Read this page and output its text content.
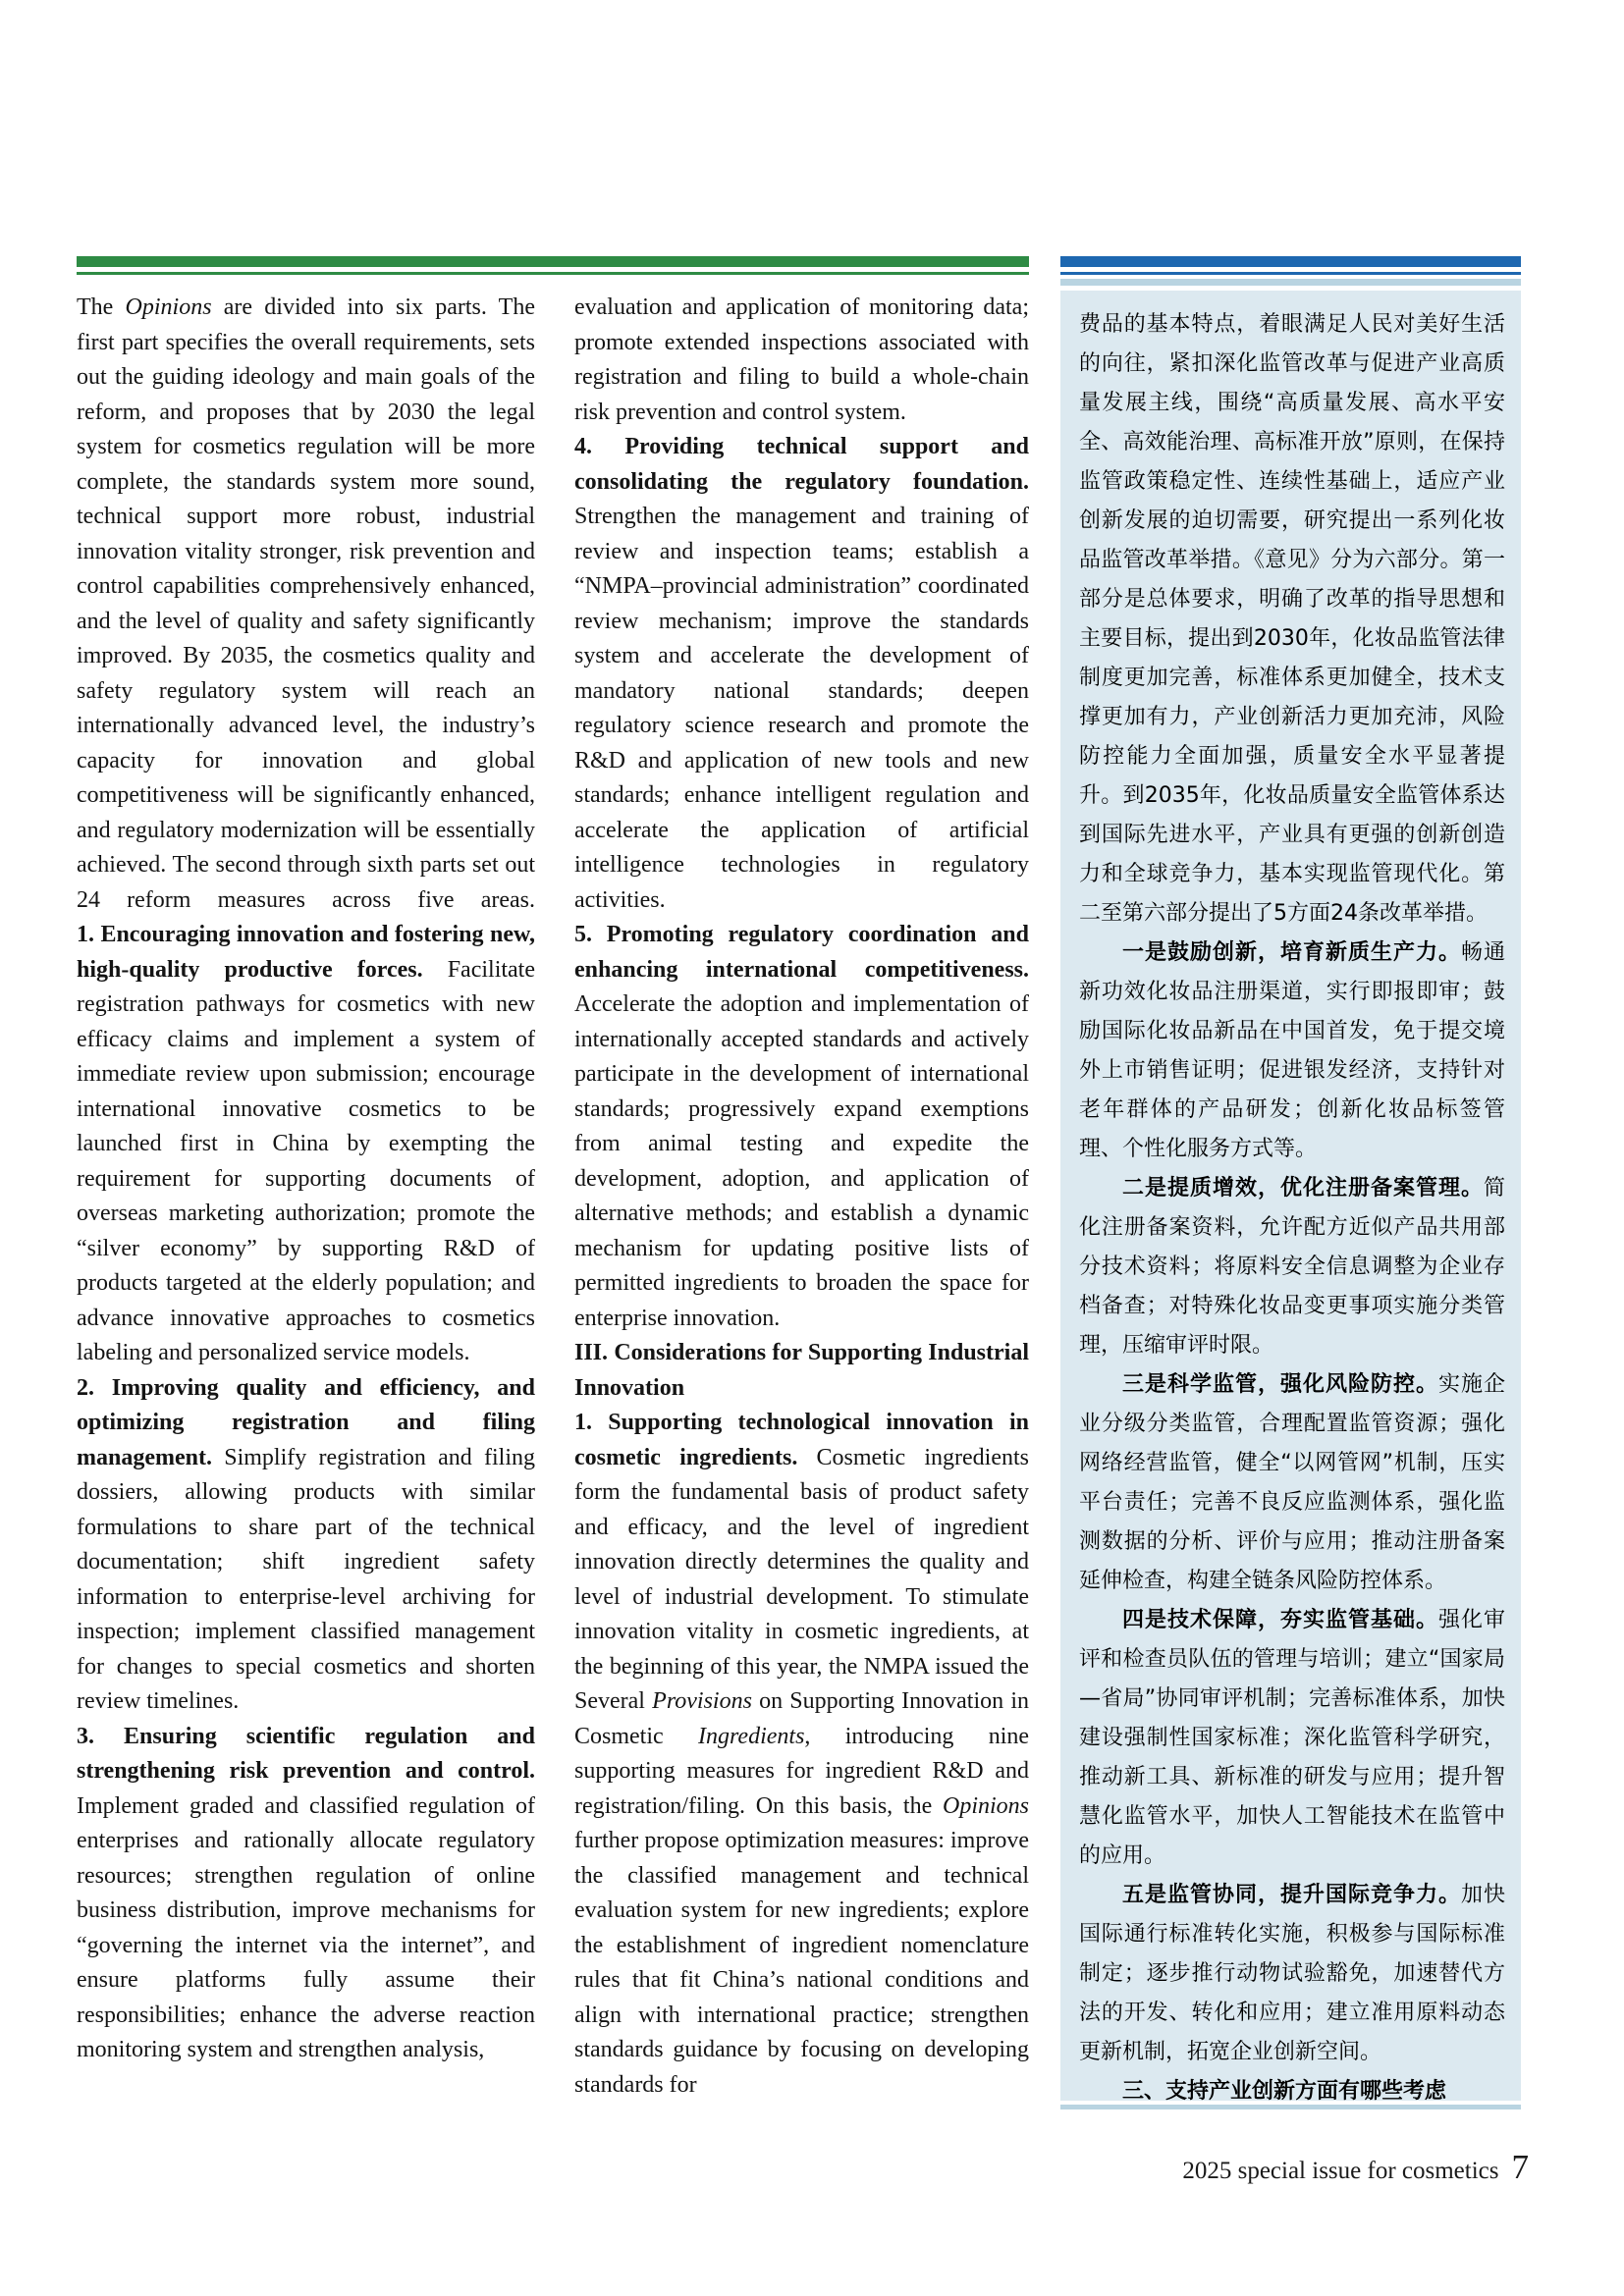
The Opinions are divided into six parts. The first part specifies the overall requirements, sets out the guiding ideology and main goals of the reform, and proposes that by 2030 the legal system for cosmetics regulation will be more complete, the standards system more sound, technical support more robust, industrial innovation vitality stronger, risk prevention and control capabilities comprehensively enhanced, and the level of quality and safety significantly improved. By 2035, the cosmetics quality and safety regulatory system will reach an internationally advanced level, the industry’s capacity for innovation and global competitiveness will be significantly enhanced, and regulatory modernization will be essentially achieved. The second through sixth parts set out 24 reform measures across five areas.

1. Encouraging innovation and fostering new, high-quality productive forces. Facilitate registration pathways for cosmetics with new efficacy claims and implement a system of immediate review upon submission; encourage international innovative cosmetics to be launched first in China by exempting the requirement for supporting documents of overseas marketing authorization; promote the “silver economy” by supporting R&D of products targeted at the elderly population; and advance innovative approaches to cosmetics labeling and personalized service models.

2. Improving quality and efficiency, and optimizing registration and filing management. Simplify registration and filing dossiers, allowing products with similar formulations to share part of the technical documentation; shift ingredient safety information to enterprise-level archiving for inspection; implement classified management for changes to special cosmetics and shorten review timelines.

3. Ensuring scientific regulation and strengthening risk prevention and control. Implement graded and classified regulation of enterprises and rationally allocate regulatory resources; strengthen regulation of online business distribution, improve mechanisms for “governing the internet via the internet”, and ensure platforms fully assume their responsibilities; enhance the adverse reaction monitoring system and strengthen analysis,

evaluation and application of monitoring data; promote extended inspections associated with registration and filing to build a whole-chain risk prevention and control system.

4. Providing technical support and consolidating the regulatory foundation. Strengthen the management and training of review and inspection teams; establish a “NMPA–provincial administration” coordinated review mechanism; improve the standards system and accelerate the development of mandatory national standards; deepen regulatory science research and promote the R&D and application of new tools and new standards; enhance intelligent regulation and accelerate the application of artificial intelligence technologies in regulatory activities.

5. Promoting regulatory coordination and enhancing international competitiveness. Accelerate the adoption and implementation of internationally accepted standards and actively participate in the development of international standards; progressively expand exemptions from animal testing and expedite the development, adoption, and application of alternative methods; and establish a dynamic mechanism for updating positive lists of permitted ingredients to broaden the space for enterprise innovation.

III. Considerations for Supporting Industrial Innovation

1. Supporting technological innovation in cosmetic ingredients. Cosmetic ingredients form the fundamental basis of product safety and efficacy, and the level of ingredient innovation directly determines the quality and level of industrial development. To stimulate innovation vitality in cosmetic ingredients, at the beginning of this year, the NMPA issued the Several Provisions on Supporting Innovation in Cosmetic Ingredients, introducing nine supporting measures for ingredient R&D and registration/filing. On this basis, the Opinions further propose optimization measures: improve the classified management and technical evaluation system for new ingredients; explore the establishment of ingredient nomenclature rules that fit China’s national conditions and align with international practice; strengthen standards guidance by focusing on developing standards for

费品的基本特点，着眼满足人民对美好生活的向往，紧扣深化监管改革与促进产业高质量发展主线，围绕“高质量发展、高水平安全、高效能治理、高标准开放”原则，在保持监管政策稳定性、连续性基础上，适应产业创新发展的迫切需要，研究提出一系列化妆品监管改革举措。《意见》分为六部分。第一部分是总体要求，明确了改革的指导思想和主要目标，提出到2030年，化妆品监管法律制度更加完善，标准体系更加健全，技术支撑更加有力，产业创新活力更加充沛，风险防控能力全面加强，质量安全水平显著提升。到2035年，化妆品质量安全监管体系达到国际先进水平，产业具有更强的创新创造力和全球竞争力，基本实现监管现代化。第二至第六部分提出了5方面24条改革举措。

一是鼓励创新，培育新质生产力。畅通新功效化妆品注册渠道，实行即报即审；鼓励国际化妆品新品在中国首发，免于提交境外上市销售证明；促进银发经济，支持针对老年群体的产品研发；创新化妆品标签管理、个性化服务方式等。

二是提质增效，优化注册备案管理。简化注册备案资料，允许配方近似产品共用部分技术资料；将原料安全信息调整为企业存档备查；对特殊化妆品变更事项实施分类管理，压缩审评时限。

三是科学监管，强化风险防控。实施企业分级分类监管，合理配置监管资源；强化网络经营监管，健全“以网管网”机制，压实平台责任；完善不良反应监测体系，强化监测数据的分析、评价与应用；推动注册备案延伸检查，构建全链条风险防控体系。

四是技术保障，夯实监管基础。强化审评和检查员队伍的管理与培训；建立“国家局—省局”协同审评机制；完善标准体系，加快建设强制性国家标准；深化监管科学研究，推动新工具、新标准的研发与应用；提升智慧化监管水平，加快人工智能技术在监管中的应用。

五是监管协同，提升国际竞争力。加快国际通行标准转化实施，积极参与国际标准制定；逐步推行动物试验豁免，加速替代方法的开发、转化和应用；建立准用原料动态更新机制，拓宽企业创新空间。

三、支持产业创新方面有哪些考虑

2025 special issue for cosmetics 7
